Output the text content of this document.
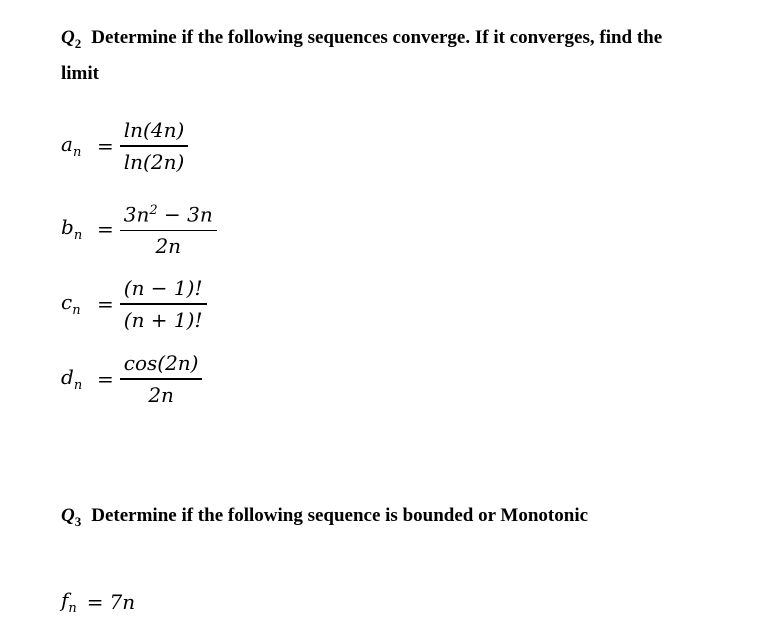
$Q_2$ Determine if the following sequences converge. If it converges, find the
limit
$a_n = \frac{\ln(4n)}{\ln(2n)}$
$b_n = \frac{3n^2 - 3n}{2n}$
$c_n = \frac{(n - 1)!}{(n + 1)!}$
$d_n = \frac{\cos(2n)}{2n}$
$Q_3$ Determine if the following sequence is bounded or Monotonic
$f_n = 7n$
